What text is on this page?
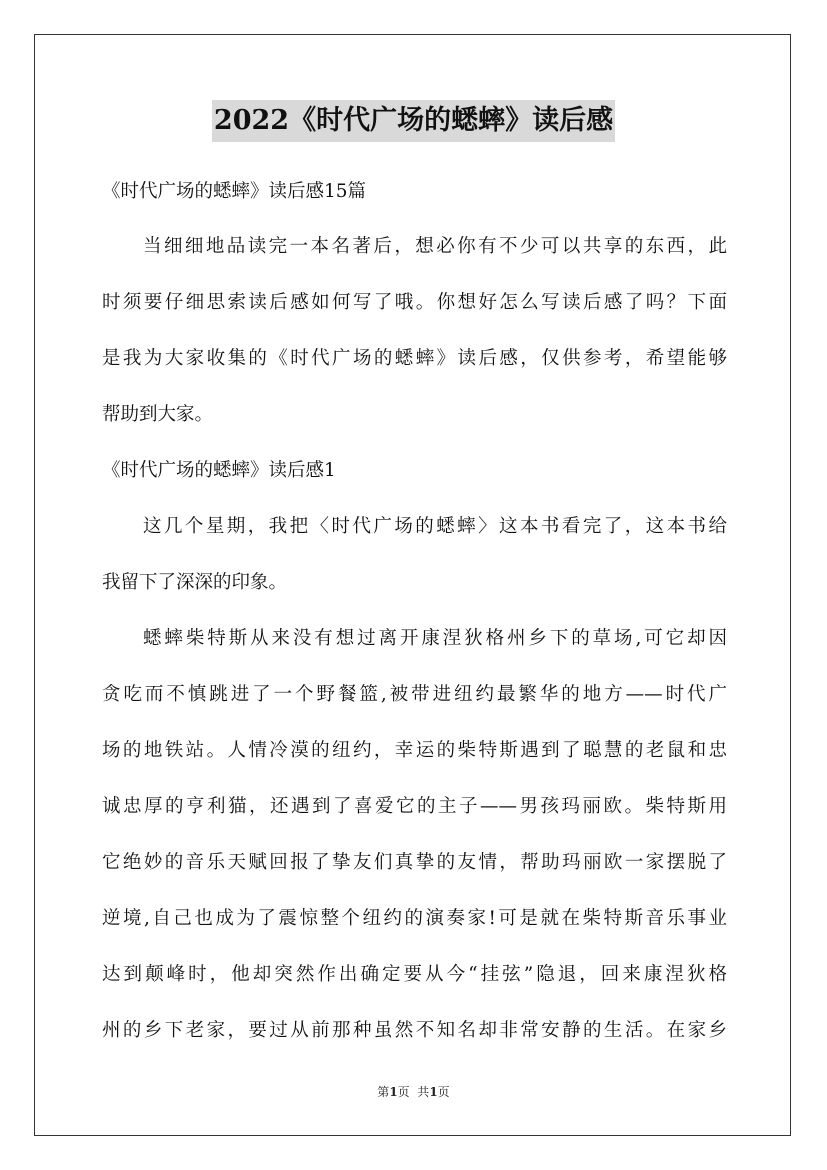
2022《时代广场的蟋蟀》读后感
《时代广场的蟋蟀》读后感15篇
当细细地品读完一本名著后，想必你有不少可以共享的东西，此
时须要仔细思索读后感如何写了哦。你想好怎么写读后感了吗？下面
是我为大家收集的《时代广场的蟋蟀》读后感，仅供参考，希望能够
帮助到大家。
《时代广场的蟋蟀》读后感1
这几个星期，我把〈时代广场的蟋蟀〉这本书看完了，这本书给
我留下了深深的印象。
蟋蟀柴特斯从来没有想过离开康涅狄格州乡下的草场,可它却因
贪吃而不慎跳进了一个野餐篮,被带进纽约最繁华的地方——时代广
场的地铁站。人情冷漠的纽约，幸运的柴特斯遇到了聪慧的老鼠和忠
诚忠厚的亨利猫，还遇到了喜爱它的主子——男孩玛丽欧。柴特斯用
它绝妙的音乐天赋回报了挚友们真挚的友情，帮助玛丽欧一家摆脱了
逆境,自己也成为了震惊整个纽约的演奏家!可是就在柴特斯音乐事业
达到颠峰时，他却突然作出确定要从今“挂弦”隐退，回来康涅狄格
州的乡下老家，要过从前那种虽然不知名却非常安静的生活。在家乡
第1页  共1页
